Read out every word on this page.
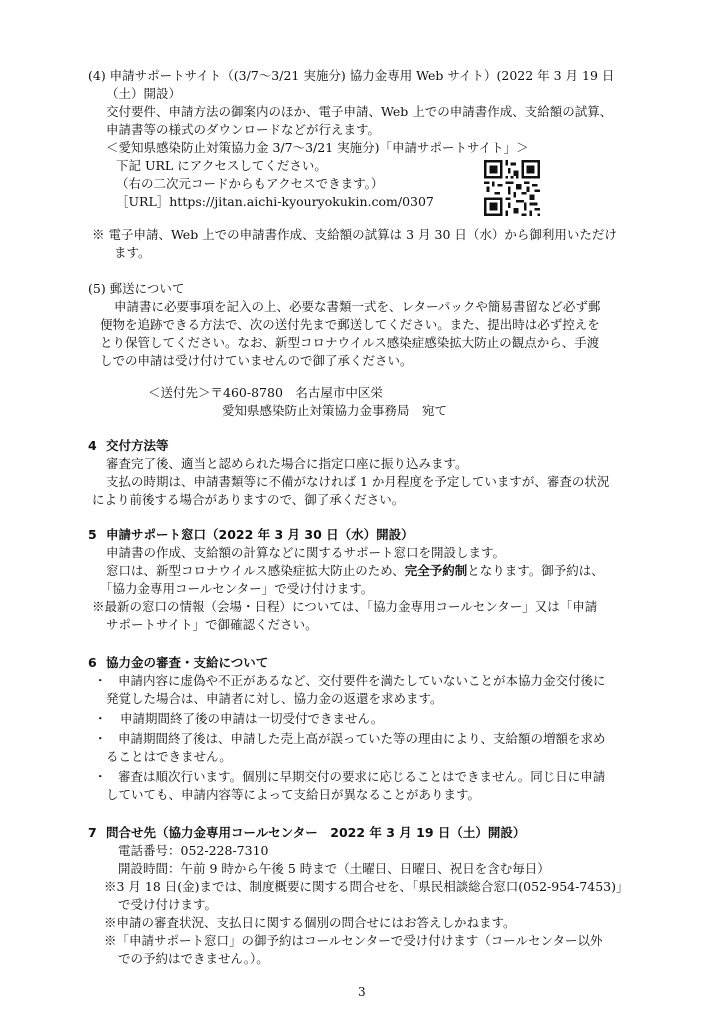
(4) 申請サポートサイト（(3/7～3/21 実施分) 協力金専用 Web サイト）(2022 年 3 月 19 日
（土）開設）
交付要件、申請方法の御案内のほか、電子申請、Web 上での申請書作成、支給額の試算、
申請書等の様式のダウンロードなどが行えます。
＜愛知県感染防止対策協力金 3/7～3/21 実施分)「申請サポートサイト」＞
下記 URL にアクセスしてください。
（右の二次元コードからもアクセスできます。）
［URL］https://jitan.aichi-kyouryokukin.com/0307
※ 電子申請、Web 上での申請書作成、支給額の試算は 3 月 30 日（水）から御利用いただけ
ます。
(5) 郵送について
申請書に必要事項を記入の上、必要な書類一式を、レターパックや簡易書留など必ず郵
便物を追跡できる方法で、次の送付先まで郵送してください。また、提出時は必ず控えを
とり保管してください。なお、新型コロナウイルス感染症感染拡大防止の観点から、手渡
しでの申請は受け付けていませんので御了承ください。
＜送付先＞〒460-8780　名古屋市中区栄
愛知県感染防止対策協力金事務局　宛て
4 交付方法等
審査完了後、適当と認められた場合に指定口座に振り込みます。
支払の時期は、申請書類等に不備がなければ 1 か月程度を予定していますが、審査の状況
により前後する場合がありますので、御了承ください。
5 申請サポート窓口（2022 年 3 月 30 日（水）開設）
申請書の作成、支給額の計算などに関するサポート窓口を開設します。
窓口は、新型コロナウイルス感染症拡大防止のため、完全予約制となります。御予約は、
「協力金専用コールセンター」で受け付けます。
※最新の窓口の情報（会場・日程）については、「協力金専用コールセンター」又は「申請
サポートサイト」で御確認ください。
6 協力金の審査・支給について
・ 申請内容に虚偽や不正があるなど、交付要件を満たしていないことが本協力金交付後に
発覚した場合は、申請者に対し、協力金の返還を求めます。
・ 申請期間終了後の申請は一切受付できません。
・ 申請期間終了後は、申請した売上高が誤っていた等の理由により、支給額の増額を求め
ることはできません。
・ 審査は順次行います。個別に早期交付の要求に応じることはできません。同じ日に申請
していても、申請内容等によって支給日が異なることがあります。
7 問合せ先（協力金専用コールセンター　2022 年 3 月 19 日（土）開設）
電話番号：052-228-7310
開設時間：午前 9 時から午後 5 時まで（土曜日、日曜日、祝日を含む毎日）
※3 月 18 日(金)までは、制度概要に関する問合せを、「県民相談総合窓口(052-954-7453)」
で受け付けます。
※申請の審査状況、支払日に関する個別の問合せにはお答えしかねます。
※「申請サポート窓口」の御予約はコールセンターで受け付けます（コールセンター以外
での予約はできません。）。
3
